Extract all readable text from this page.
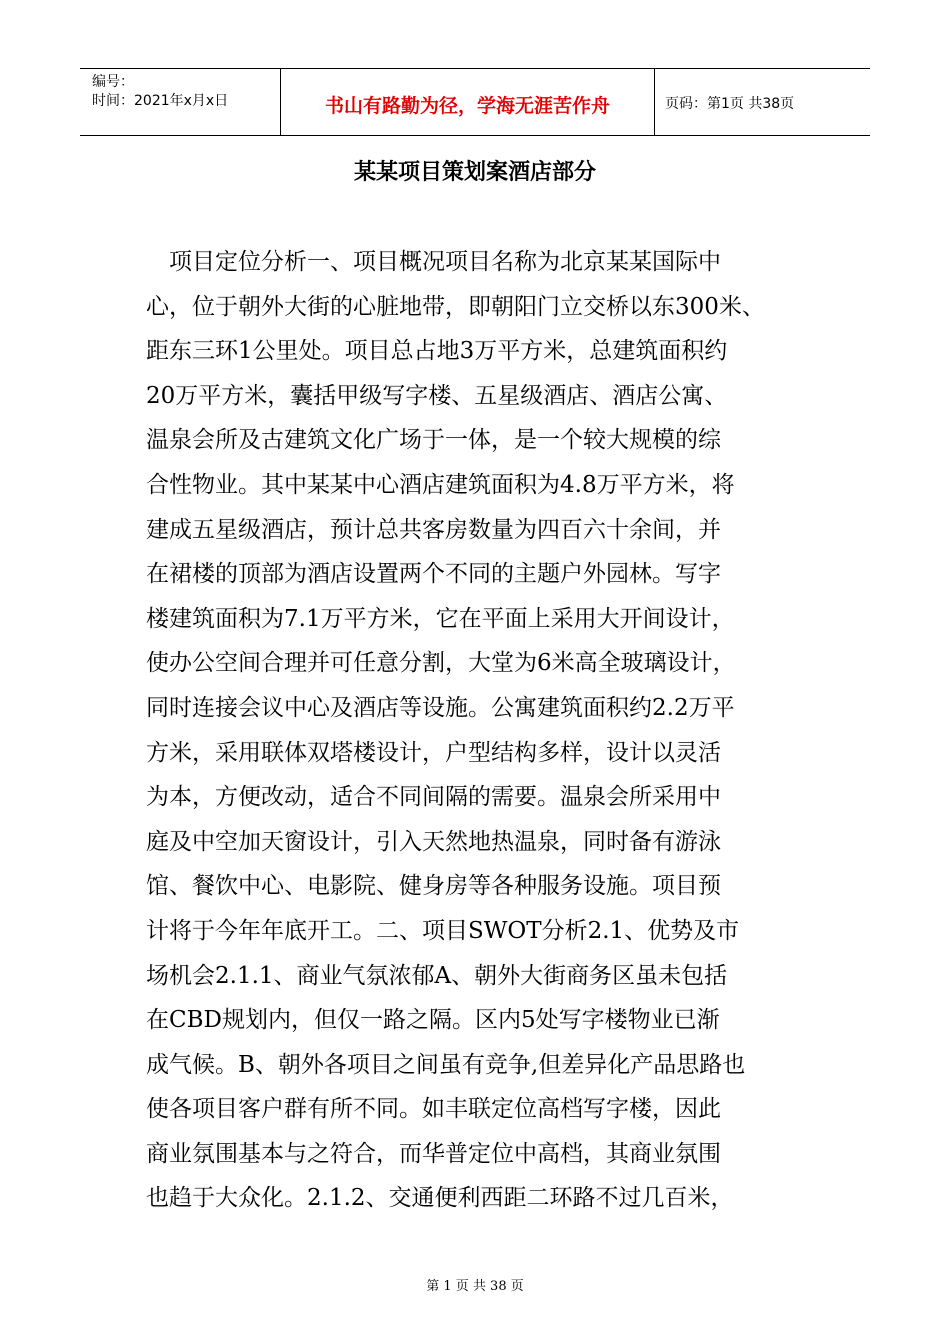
编号：
时间：2021年x月x日	书山有路勤为径，学海无涯苦作舟	页码：第1页 共38页
某某项目策划案酒店部分
　项目定位分析一、项目概况项目名称为北京某某国际中
心，位于朝外大街的心脏地带，即朝阳门立交桥以东300米、
距东三环1公里处。项目总占地3万平方米，总建筑面积约
20万平方米，囊括甲级写字楼、五星级酒店、酒店公寓、
温泉会所及古建筑文化广场于一体，是一个较大规模的综
合性物业。其中某某中心酒店建筑面积为4.8万平方米，将
建成五星级酒店，预计总共客房数量为四百六十余间，并
在裙楼的顶部为酒店设置两个不同的主题户外园林。写字
楼建筑面积为7.1万平方米，它在平面上采用大开间设计，
使办公空间合理并可任意分割，大堂为6米高全玻璃设计，
同时连接会议中心及酒店等设施。公寓建筑面积约2.2万平
方米，采用联体双塔楼设计，户型结构多样，设计以灵活
为本，方便改动，适合不同间隔的需要。温泉会所采用中
庭及中空加天窗设计，引入天然地热温泉，同时备有游泳
馆、餐饮中心、电影院、健身房等各种服务设施。项目预
计将于今年年底开工。二、项目SWOT分析2.1、优势及市
场机会2.1.1、商业气氛浓郁A、朝外大街商务区虽未包括
在CBD规划内，但仅一路之隔。区内5处写字楼物业已渐
成气候。B、朝外各项目之间虽有竞争,但差异化产品思路也
使各项目客户群有所不同。如丰联定位高档写字楼，因此
商业氛围基本与之符合，而华普定位中高档，其商业氛围
也趋于大众化。2.1.2、交通便利西距二环路不过几百米，
第 1 页 共 38 页
